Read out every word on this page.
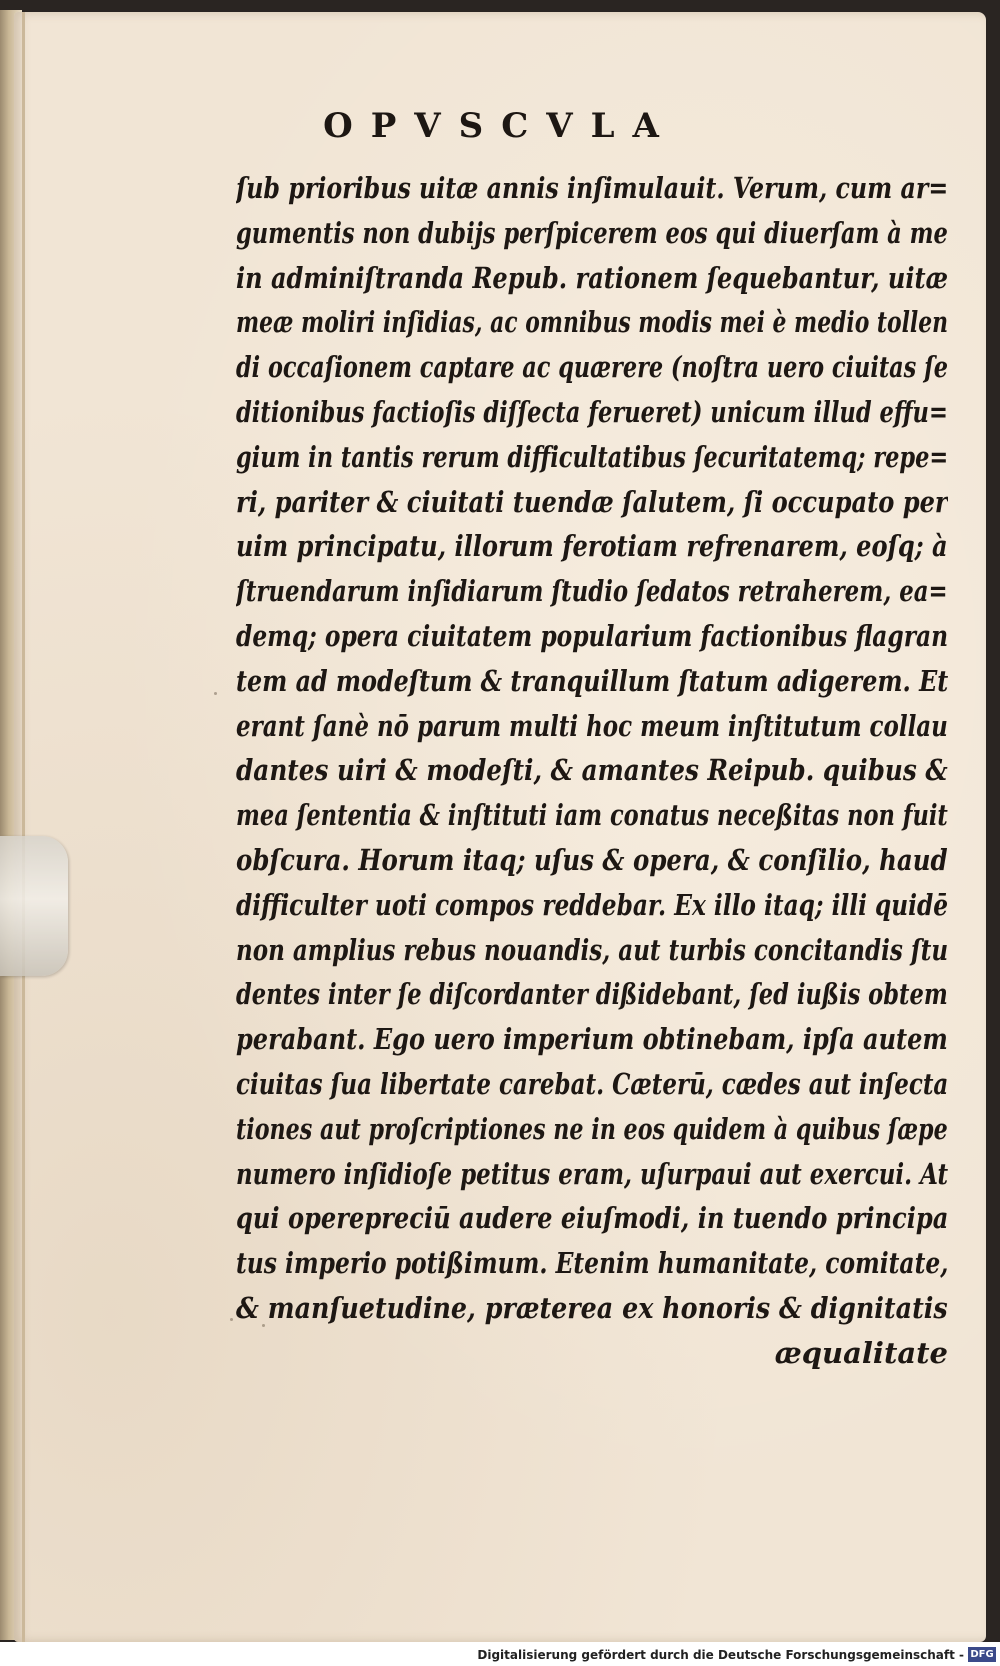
OPVSCVLA
ſub prioribus uitæ annis inſimulauit. Verum, cum ar=
gumentis non dubijs perſpicerem eos qui diuerſam à me
in adminiſtranda Repub. rationem ſequebantur, uitæ
meæ moliri inſidias, ac omnibus modis mei è medio tollen
di occaſionem captare ac quærere (noſtra uero ciuitas ſe
ditionibus factioſis diſſecta ferueret) unicum illud effu=
gium in tantis rerum difficultatibus ſecuritatemq; repe=
ri, pariter & ciuitati tuendæ ſalutem, ſi occupato per
uim principatu, illorum ferotiam refrenarem, eoſq; à
ſtruendarum inſidiarum ſtudio ſedatos retraherem, ea=
demq; opera ciuitatem popularium factionibus flagran
tem ad modeſtum & tranquillum ſtatum adigerem. Et
erant ſanè nō parum multi hoc meum inſtitutum collau
dantes uiri & modeſti, & amantes Reipub. quibus &
mea ſententia & inſtituti iam conatus neceßitas non fuit
obſcura. Horum itaq; uſus & opera, & conſilio, haud
difficulter uoti compos reddebar. Ex illo itaq; illi quidē
non amplius rebus nouandis, aut turbis concitandis ſtu
dentes inter ſe diſcordanter dißidebant, ſed iußis obtem
perabant. Ego uero imperium obtinebam, ipſa autem
ciuitas ſua libertate carebat. Cæterū, cædes aut inſecta
tiones aut proſcriptiones ne in eos quidem à quibus ſæpe
numero inſidioſe petitus eram, uſurpaui aut exercui. At
qui operepreciū audere eiuſmodi, in tuendo principa
tus imperio potißimum. Etenim humanitate, comitate,
& manſuetudine, præterea ex honoris & dignitatis
æqualitate
Digitalisierung gefördert durch die Deutsche Forschungsgemeinschaft - DFG
